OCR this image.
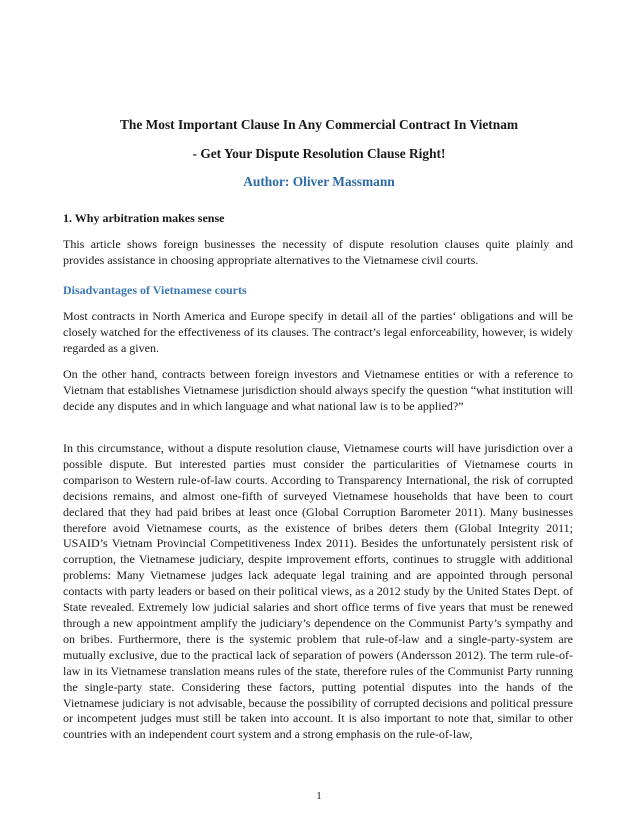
The Most Important Clause In Any Commercial Contract In Vietnam
- Get Your Dispute Resolution Clause Right!
Author: Oliver Massmann
1. Why arbitration makes sense

This article shows foreign businesses the necessity of dispute resolution clauses quite plainly and provides assistance in choosing appropriate alternatives to the Vietnamese civil courts.

Disadvantages of Vietnamese courts

Most contracts in North America and Europe specify in detail all of the parties‘ obligations and will be closely watched for the effectiveness of its clauses. The contract’s legal enforceability, however, is widely regarded as a given.

On the other hand, contracts between foreign investors and Vietnamese entities or with a reference to Vietnam that establishes Vietnamese jurisdiction should always specify the question “what institution will decide any disputes and in which language and what national law is to be applied?”

In this circumstance, without a dispute resolution clause, Vietnamese courts will have jurisdiction over a possible dispute. But interested parties must consider the particularities of Vietnamese courts in comparison to Western rule-of-law courts. According to Transparency International, the risk of corrupted decisions remains, and almost one-fifth of surveyed Vietnamese households that have been to court declared that they had paid bribes at least once (Global Corruption Barometer 2011). Many businesses therefore avoid Vietnamese courts, as the existence of bribes deters them (Global Integrity 2011; USAID’s Vietnam Provincial Competitiveness Index 2011). Besides the unfortunately persistent risk of corruption, the Vietnamese judiciary, despite improvement efforts, continues to struggle with additional problems: Many Vietnamese judges lack adequate legal training and are appointed through personal contacts with party leaders or based on their political views, as a 2012 study by the United States Dept. of State revealed. Extremely low judicial salaries and short office terms of five years that must be renewed through a new appointment amplify the judiciary’s dependence on the Communist Party’s sympathy and on bribes. Furthermore, there is the systemic problem that rule-of-law and a single-party-system are mutually exclusive, due to the practical lack of separation of powers (Andersson 2012). The term rule-of-law in its Vietnamese translation means rules of the state, therefore rules of the Communist Party running the single-party state. Considering these factors, putting potential disputes into the hands of the Vietnamese judiciary is not advisable, because the possibility of corrupted decisions and political pressure or incompetent judges must still be taken into account. It is also important to note that, similar to other countries with an independent court system and a strong emphasis on the rule-of-law,

1
